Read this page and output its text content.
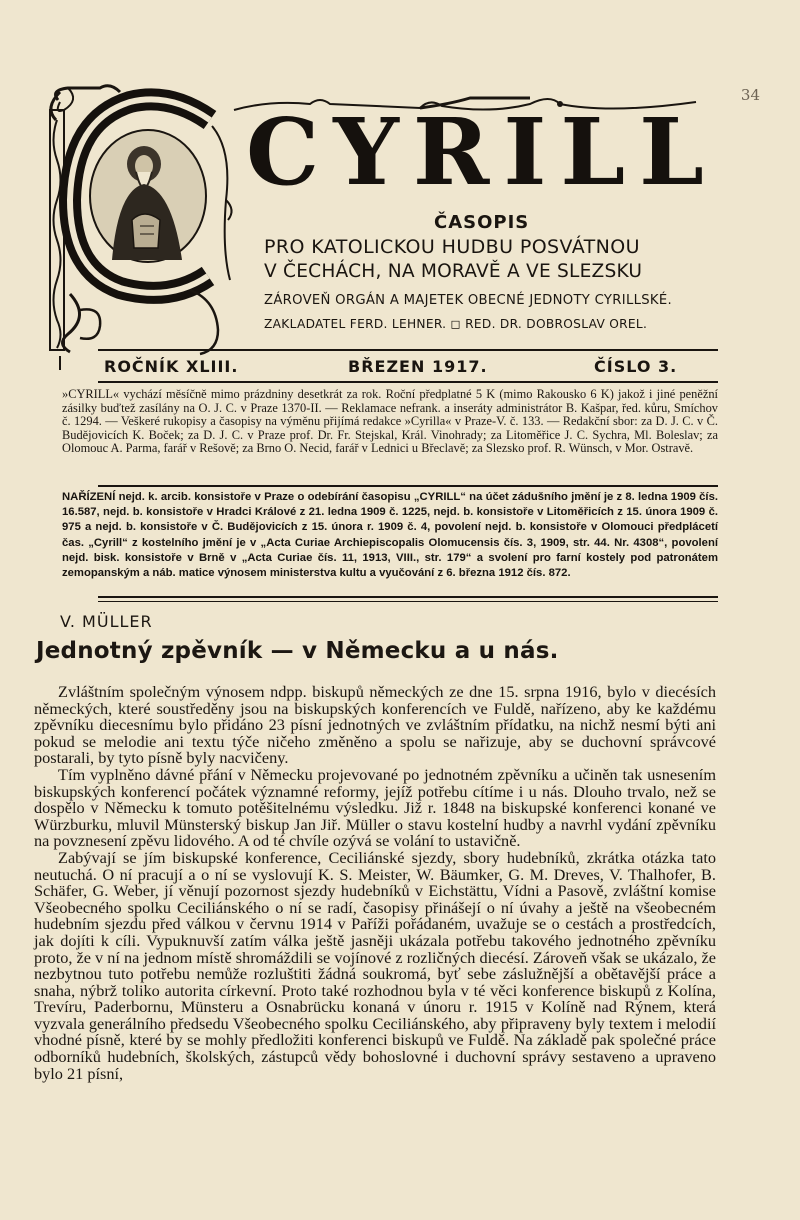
34
CYRILL
ČASOPIS
PRO KATOLICKOU HUDBU POSVÁTNOU
V ČECHÁCH, NA MORAVĚ A VE SLEZSKU
ZÁROVEŇ ORGÁN A MAJETEK OBECNÉ JEDNOTY CYRILLSKÉ.
ZAKLADATEL FERD. LEHNER. ◻ RED. DR. DOBROSLAV OREL.
ROČNÍK XLIII.	BŘEZEN 1917.	ČÍSLO 3.
»CYRILL« vychází měsíčně mimo prázdniny desetkrát za rok. Roční předplatné 5 K (mimo Rakousko 6 K) jakož i jiné peněžní zásilky buďtež zasílány na O. J. C. v Praze 1370-II. — Reklamace nefrank. a inseráty administrátor B. Kašpar, řed. kůru, Smíchov č. 1294. — Veškeré rukopisy a časopisy na výměnu přijímá redakce »Cyrilla« v Praze-V. č. 133. — Redakční sbor: za D. J. C. v Č. Budějovicích K. Boček; za D. J. C. v Praze prof. Dr. Fr. Stejskal, Král. Vinohrady; za Litoměřice J. C. Sychra, Ml. Boleslav; za Olomouc A. Parma, farář v Rešově; za Brno O. Necid, farář v Lednici u Břeclavě; za Slezsko prof. R. Wünsch, v Mor. Ostravě.
NAŘÍZENÍ nejd. k. arcib. konsistoře v Praze o odebírání časopisu „CYRILL“ na účet zádušního jmění je z 8. ledna 1909 čís. 16.587, nejd. b. konsistoře v Hradci Králové z 21. ledna 1909 č. 1225, nejd. b. konsistoře v Litoměřicích z 15. února 1909 č. 975 a nejd. b. konsistoře v Č. Budějovicích z 15. února r. 1909 č. 4, povolení nejd. b. konsistoře v Olomouci předplácetí čas. „Cyrill“ z kostelního jmění je v „Acta Curiae Archiepiscopalis Olomucensis čís. 3, 1909, str. 44. Nr. 4308“, povolení nejd. bisk. konsistoře v Brně v „Acta Curiae čís. 11, 1913, VIII., str. 179“ a svolení pro farní kostely pod patronátem zemopanským a náb. matice výnosem ministerstva kultu a vyučování z 6. března 1912 čís. 872.
V. MÜLLER
Jednotný zpěvník — v Německu a u nás.

Zvláštním společným výnosem ndpp. biskupů německých ze dne 15. srpna 1916, bylo v diecésích německých, které soustředěny jsou na biskupských konferencích ve Fuldě, nařízeno, aby ke každému zpěvníku diecesnímu bylo přidáno 23 písní jednotných ve zvláštním přídatku, na nichž nesmí býti ani pokud se melodie ani textu týče ničeho změněno a spolu se nařizuje, aby se duchovní správcové postarali, by tyto písně byly nacvičeny.

Tím vyplněno dávné přání v Německu projevované po jednotném zpěvníku a učiněn tak usnesením biskupských konferencí počátek významné reformy, jejíž potřebu cítíme i u nás. Dlouho trvalo, než se dospělo v Německu k tomuto potěšitelnému výsledku. Již r. 1848 na biskupské konferenci konané ve Würzburku, mluvil Münsterský biskup Jan Jiř. Müller o stavu kostelní hudby a navrhl vydání zpěvníku na povznesení zpěvu lidového. A od té chvíle ozývá se volání to ustavičně.

Zabývají se jím biskupské konference, Ceciliánské sjezdy, sbory hudebníků, zkrátka otázka tato neutuchá. O ní pracují a o ní se vyslovují K. S. Meister, W. Bäumker, G. M. Dreves, V. Thalhofer, B. Schäfer, G. Weber, jí věnují pozornost sjezdy hudebníků v Eichstättu, Vídni a Pasově, zvláštní komise Všeobecného spolku Ceciliánského o ní se radí, časopisy přinášejí o ní úvahy a ještě na všeobecném hudebním sjezdu před válkou v červnu 1914 v Paříži pořádaném, uvažuje se o cestách a prostředcích, jak dojíti k cíli. Vypuknuvší zatím válka ještě jasněji ukázala potřebu takového jednotného zpěvníku proto, že v ní na jednom místě shromáždili se vojínové z rozličných diecésí. Zároveň však se ukázalo, že nezbytnou tuto potřebu nemůže rozluštiti žádná soukromá, byť sebe záslužnější a obětavější práce a snaha, nýbrž toliko autorita církevní. Proto také rozhodnou byla v té věci konference biskupů z Kolína, Trevíru, Paderbornu, Münsteru a Osnabrücku konaná v únoru r. 1915 v Kolíně nad Rýnem, která vyzvala generálního předsedu Všeobecného spolku Ceciliánského, aby připraveny byly textem i melodií vhodné písně, které by se mohly předložiti konferenci biskupů ve Fuldě. Na základě pak společné práce odborníků hudebních, školských, zástupců vědy bohoslovné i duchovní správy sestaveno a upraveno bylo 21 písní,
